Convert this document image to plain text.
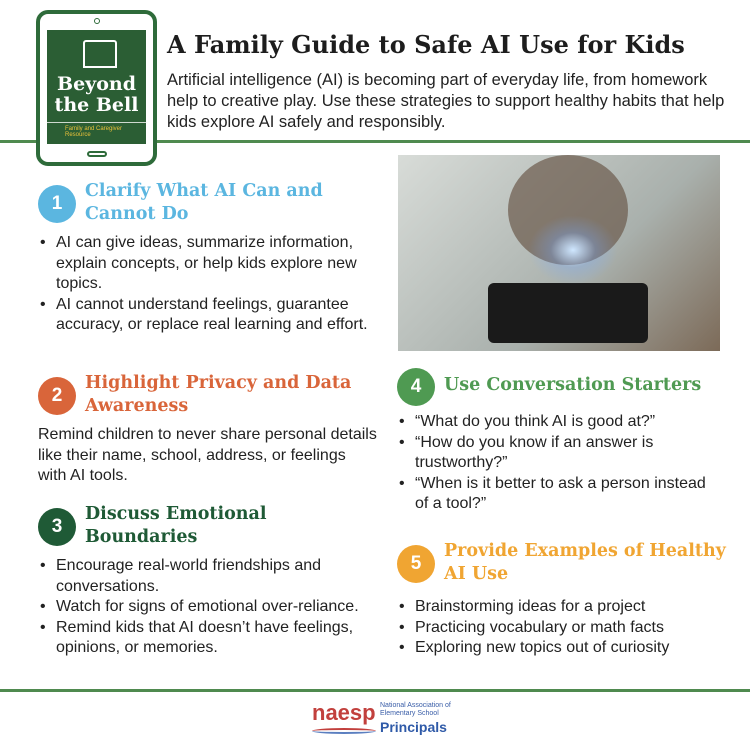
Beyond
the Bell
Family and Caregiver Resource
A Family Guide to Safe AI Use for Kids
Artificial intelligence (AI) is becoming part of everyday life, from homework help to creative play. Use these strategies to support healthy habits that help kids explore AI safely and responsibly.
1
Clarify What AI Can and Cannot Do
• AI can give ideas, summarize information, explain concepts, or help kids explore new topics.
• AI cannot understand feelings, guarantee accuracy, or replace real learning and effort.
2
Highlight Privacy and Data Awareness
Remind children to never share personal details like their name, school, address, or feelings with AI tools.
3
Discuss Emotional Boundaries
• Encourage real-world friendships and conversations.
• Watch for signs of emotional over-reliance.
• Remind kids that AI doesn’t have feelings, opinions, or memories.
4	Use Conversation Starters
• “What do you think AI is good at?”
• “How do you know if an answer is trustworthy?”
• “When is it better to ask a person instead of a tool?”
5
Provide Examples of Healthy AI Use
• Brainstorming ideas for a project
• Practicing vocabulary or math facts
• Exploring new topics out of curiosity
naesp National Association of
Elementary School
Principals
